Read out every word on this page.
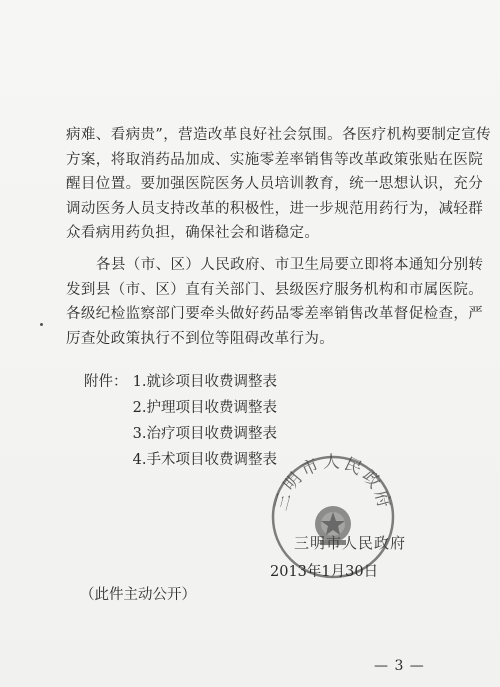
病难、看病贵”，营造改革良好社会氛围。各医疗机构要制定宣传
方案，将取消药品加成、实施零差率销售等改革政策张贴在医院
醒目位置。要加强医院医务人员培训教育，统一思想认识，充分
调动医务人员支持改革的积极性，进一步规范用药行为，减轻群
众看病用药负担，确保社会和谐稳定。
各县（市、区）人民政府、市卫生局要立即将本通知分别转
发到县（市、区）直有关部门、县级医疗服务机构和市属医院。
各级纪检监察部门要牵头做好药品零差率销售改革督促检查，严
厉查处政策执行不到位等阻碍改革行为。
附件： 1.就诊项目收费调整表
2.护理项目收费调整表
3.治疗项目收费调整表
4.手术项目收费调整表
三明市人民政府
三明市人民政府
2013年1月30日
（此件主动公开）
— 3 —
